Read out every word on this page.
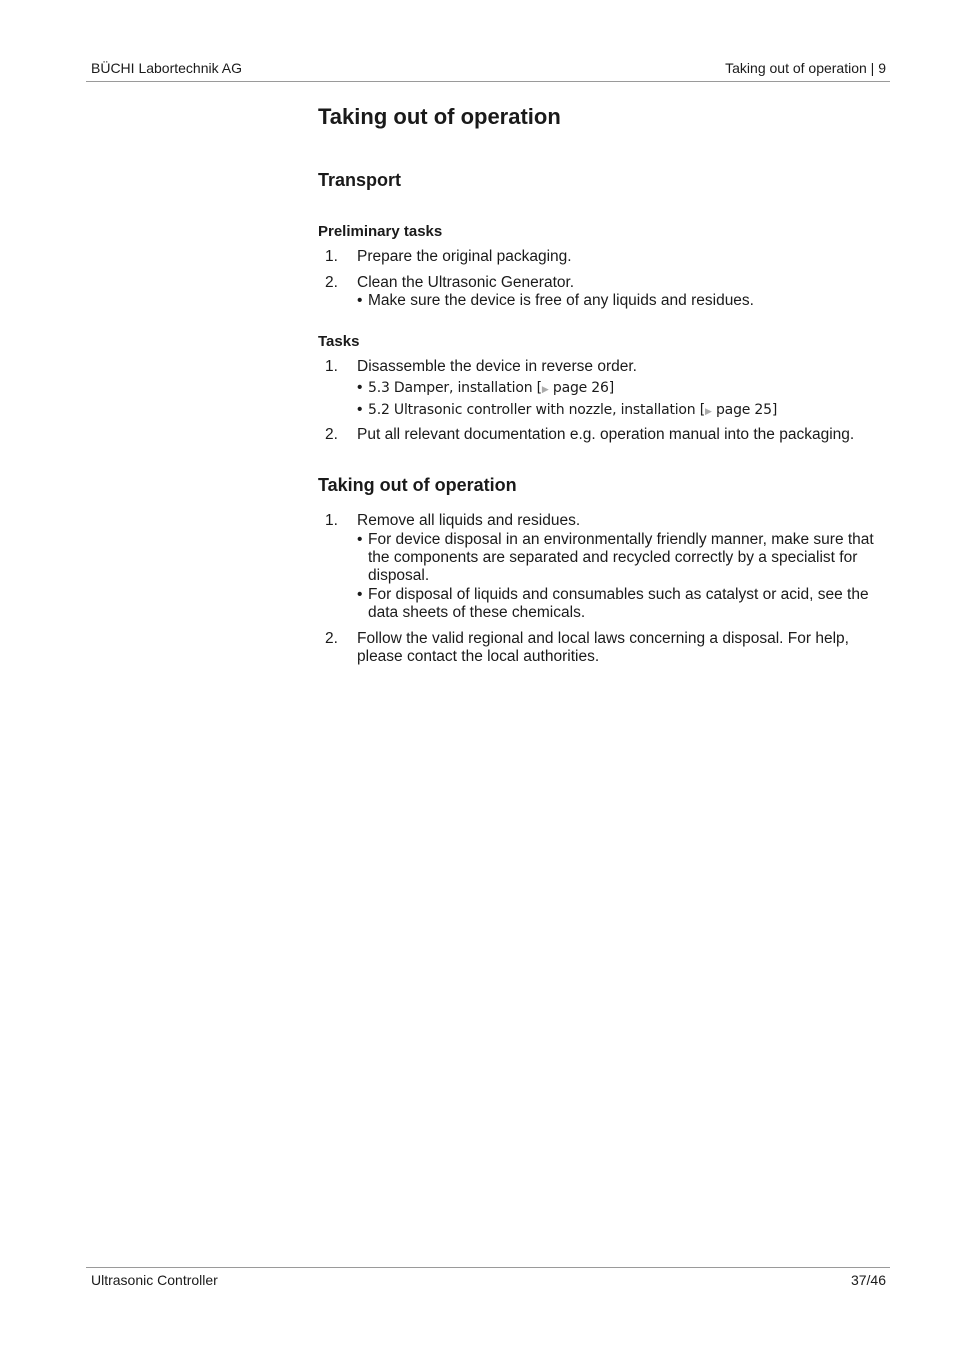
BÜCHI Labortechnik AG	Taking out of operation | 9
Taking out of operation
Transport
Preliminary tasks
1. Prepare the original packaging.
2. Clean the Ultrasonic Generator.
• Make sure the device is free of any liquids and residues.
Tasks
1. Disassemble the device in reverse order.
• 5.3 Damper, installation [▶ page 26]
• 5.2 Ultrasonic controller with nozzle, installation [▶ page 25]
2. Put all relevant documentation e.g. operation manual into the packaging.
Taking out of operation
1. Remove all liquids and residues.
• For device disposal in an environmentally friendly manner, make sure that the components are separated and recycled correctly by a specialist for disposal.
• For disposal of liquids and consumables such as catalyst or acid, see the data sheets of these chemicals.
2. Follow the valid regional and local laws concerning a disposal. For help, please contact the local authorities.
Ultrasonic Controller	37/46
